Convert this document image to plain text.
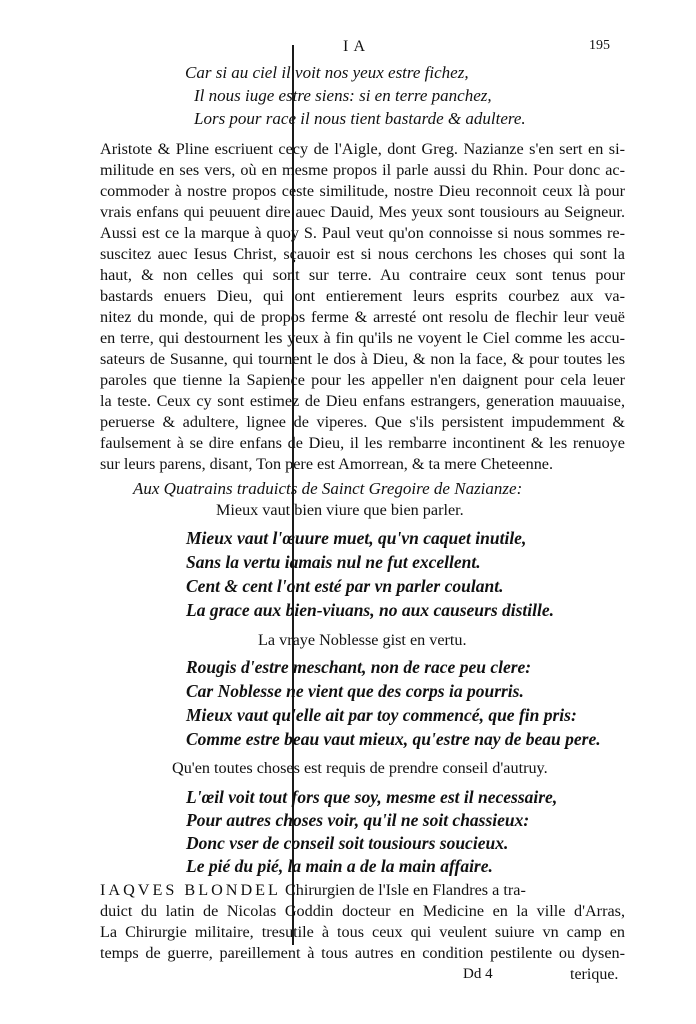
I A	195
Car si au ciel il voit nos yeux estre fichez,
Il nous iuge estre siens: si en terre panchez,
Lors pour race il nous tient bastarde & adultere.
Aristote & Pline escriuent cecy de l'Aigle, dont Greg. Nazianze s'en sert en si-
militude en ses vers, où en mesme propos il parle aussi du Rhin. Pour donc ac-
commoder à nostre propos ceste similitude, nostre Dieu reconnoit ceux là pour
vrais enfans qui peuuent dire auec Dauid, Mes yeux sont tousiours au Seigneur.
Aussi est ce la marque à quoy S. Paul veut qu'on connoisse si nous sommes re-
suscitez auec Iesus Christ, sçauoir est si nous cerchons les choses qui sont la
haut, & non celles qui sont sur terre. Au contraire ceux sont tenus pour
bastards enuers Dieu, qui ont entierement leurs esprits courbez aux va-
nitez du monde, qui de propos ferme & arresté ont resolu de flechir leur veuë
en terre, qui destournent les yeux à fin qu'ils ne voyent le Ciel comme les accu-
sateurs de Susanne, qui tournent le dos à Dieu, & non la face, & pour toutes les
paroles que tienne la Sapience pour les appeller n'en daignent pour cela leuer
la teste. Ceux cy sont estimez de Dieu enfans estrangers, generation mauuaise,
peruerse & adultere, lignee de viperes. Que s'ils persistent impudemment &
faulsement à se dire enfans de Dieu, il les rembarre incontinent & les renuoye
sur leurs parens, disant, Ton pere est Amorrean, & ta mere Cheteenne.
Aux Quatrains traduicts de Sainct Gregoire de Nazianze:
Mieux vaut bien viure que bien parler.
Mieux vaut l'œuure muet, qu'vn caquet inutile,
Sans la vertu iamais nul ne fut excellent.
Cent & cent l'ont esté par vn parler coulant.
La grace aux bien-viuans, no aux causeurs distille.
La vraye Noblesse gist en vertu.
Rougis d'estre meschant, non de race peu clere:
Car Noblesse ne vient que des corps ia pourris.
Mieux vaut qu'elle ait par toy commencé, que fin pris:
Comme estre beau vaut mieux, qu'estre nay de beau pere.
Qu'en toutes choses est requis de prendre conseil d'autruy.
L'œil voit tout fors que soy, mesme est il necessaire,
Pour autres choses voir, qu'il ne soit chassieux:
Donc vser de conseil soit tousiours soucieux.
Le pié du pié, la main a de la main affaire.
IAQVES BLONDEL Chirurgien de l'Isle en Flandres a tra-
duict du latin de Nicolas Goddin docteur en Medicine en la ville d'Arras,
La Chirurgie militaire, tresutile à tous ceux qui veulent suiure vn camp en
temps de guerre, pareillement à tous autres en condition pestilente ou dysen-
Dd 4	terique.
